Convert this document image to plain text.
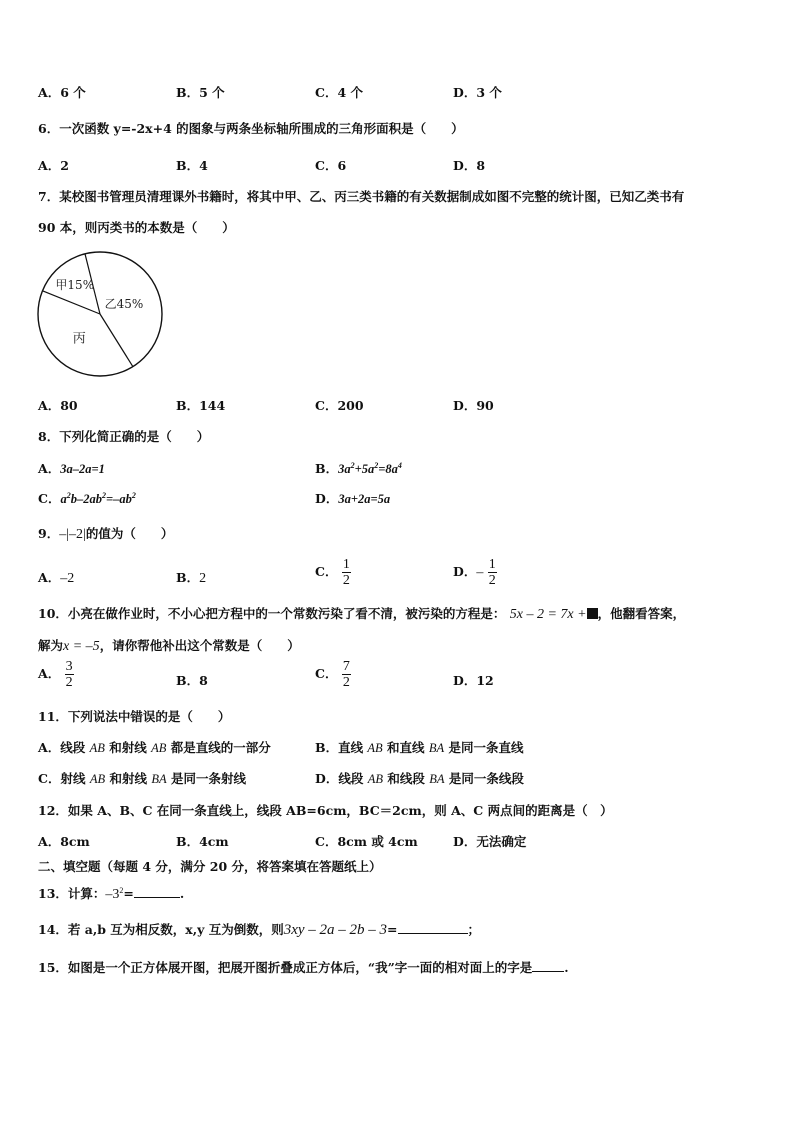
A．6 个	B．5 个	C．4 个	D．3 个
6．一次函数 y=-2x+4 的图象与两条坐标轴所围成的三角形面积是（　　）
A．2	B．4	C．6	D．8
7．某校图书管理员清理课外书籍时，将其中甲、乙、丙三类书籍的有关数据制成如图不完整的统计图，已知乙类书有
90 本，则丙类书的本数是（　　）
甲15%
乙45%
丙
A．80	B．144	C．200	D．90
8．下列化简正确的是（　　）
A．3a–2a=1	B．$3a^2+5a^2=8a^4$
C．$a^2b-2ab^2=-ab^2$	D．3a+2a=5a
9．–|–2|的值为（　　）
A．–2	B．2	C． $\frac{1}{2}$	D．– $\frac{1}{2}$
10．小亮在做作业时，不小心把方程中的一个常数污染了看不清，被污染的方程是： 5x – 2 = 7x + ，他翻看答案，
解为x = –5，请你帮他补出这个常数是（　　）
A． $\frac{3}{2}$	B．8	C． $\frac{7}{2}$	D．12
11．下列说法中错误的是（　　）
A．线段 AB 和射线 AB 都是直线的一部分	B．直线 AB 和直线 BA 是同一条直线
C．射线 AB 和射线 BA 是同一条射线	D．线段 AB 和线段 BA 是同一条线段
12．如果 A、B、C 在同一条直线上，线段 AB=6cm，BC＝2cm，则 A、C 两点间的距离是（　）
A．8cm	B．4cm	C．8cm 或 4cm	D．无法确定
二、填空题（每题 4 分，满分 20 分，将答案填在答题纸上）
13．计算：$-3^2=$	.
14．若 a,b 互为相反数，x,y 互为倒数，则3xy – 2a – 2b – 3=	；
15．如图是一个正方体展开图，把展开图折叠成正方体后，“我”字一面的相对面上的字是	.
